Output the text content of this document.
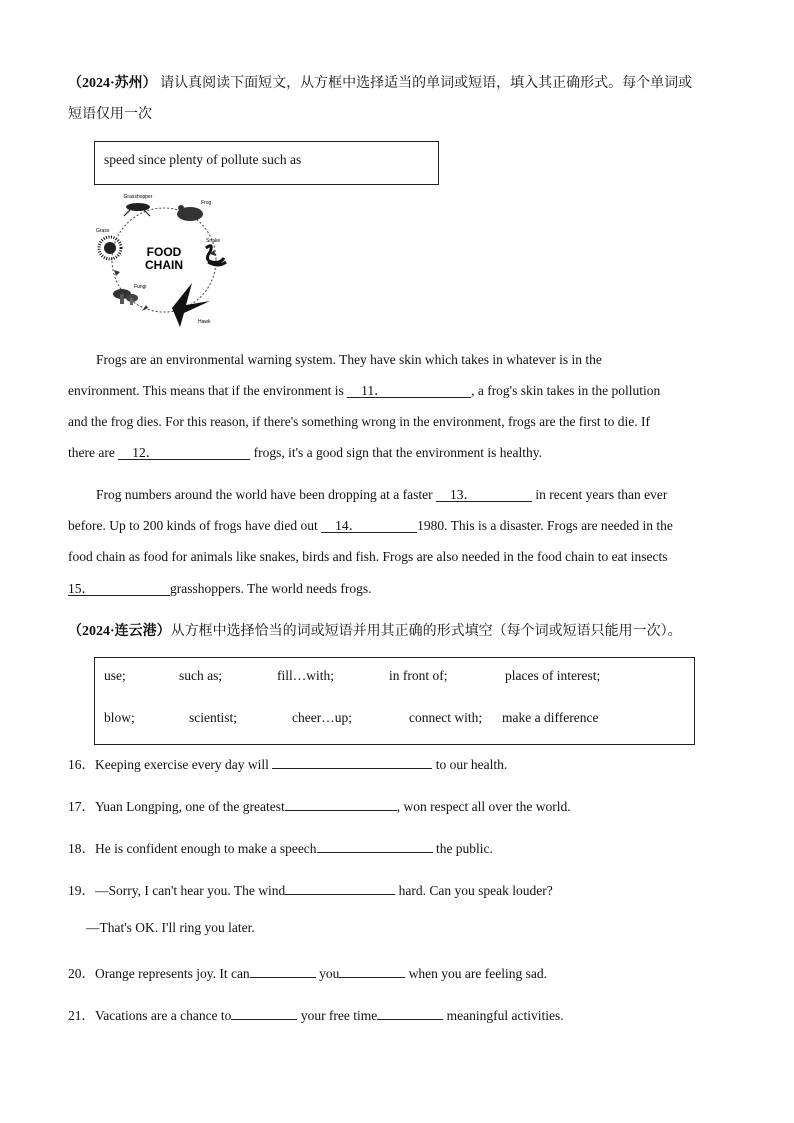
（2024·苏州） 请认真阅读下面短文，从方框中选择适当的单词或短语，填入其正确形式。每个单词或
短语仅用一次
speed since plenty of pollute such as
FOOD
CHAIN
Grasshopper
Frog
Snake
Hawk
Fungi
Grass
Frogs are an environmental warning system. They have skin which takes in whatever is in the
environment. This means that if the environment is 11．	, a frog's skin takes in the pollution
and the frog dies. For this reason, if there's something wrong in the environment, frogs are the first to die. If
there are 12．	frogs, it's a good sign that the environment is healthy.
Frog numbers around the world have been dropping at a faster 13．	in recent years than ever
before. Up to 200 kinds of frogs have died out 14．	1980. This is a disaster. Frogs are needed in the
food chain as food for animals like snakes, birds and fish. Frogs are also needed in the food chain to eat insects
15．	grasshoppers. The world needs frogs.
（2024·连云港）从方框中选择恰当的词或短语并用其正确的形式填空（每个词或短语只能用一次）。
use;	such as;	fill…with;	in front of;	places of interest;
blow;	scientist;	cheer…up;	connect with; make a difference
16．Keeping exercise every day will	to our health.
17．Yuan Longping, one of the greatest	, won respect all over the world.
18．He is confident enough to make a speech	the public.
19．—Sorry, I can't hear you. The wind	hard. Can you speak louder?
—That's OK. I'll ring you later.
20．Orange represents joy. It can	you	when you are feeling sad.
21．Vacations are a chance to	your free time	meaningful activities.
